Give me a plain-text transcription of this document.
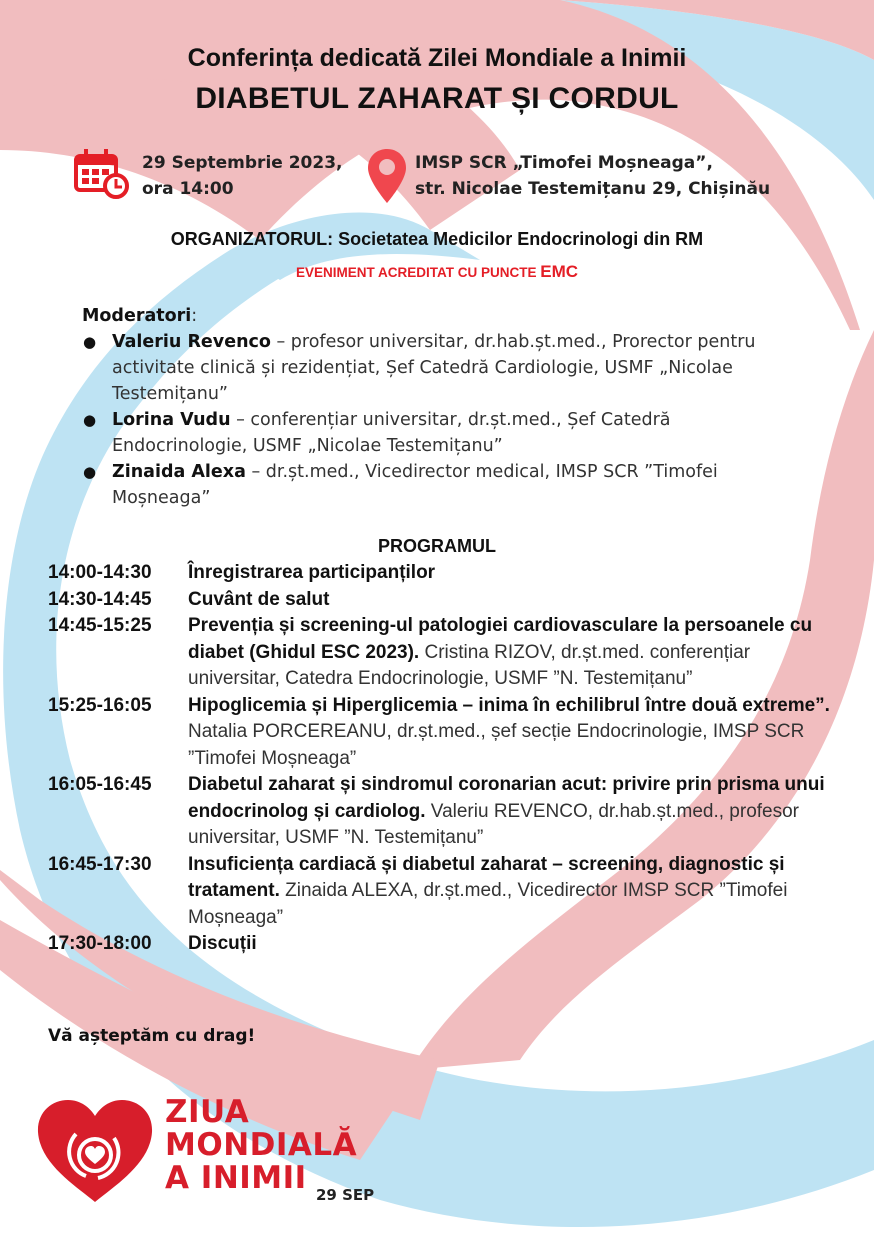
Conferința dedicată Zilei Mondiale a Inimii
DIABETUL ZAHARAT ȘI CORDUL
29 Septembrie 2023,
ora 14:00
IMSP SCR „Timofei Moșneaga”,
str. Nicolae Testemițanu 29, Chișinău
ORGANIZATORUL: Societatea Medicilor Endocrinologi din RM
EVENIMENT ACREDITAT CU PUNCTE EMC
Moderatori:
● Valeriu Revenco – profesor universitar, dr.hab.șt.med., Prorector pentru activitate clinică și rezidențiat, Șef Catedră Cardiologie, USMF „Nicolae Testemițanu”
● Lorina Vudu – conferențiar universitar, dr.șt.med., Șef Catedră Endocrinologie, USMF „Nicolae Testemițanu”
● Zinaida Alexa – dr.șt.med., Vicedirector medical, IMSP SCR ”Timofei Moșneaga”
PROGRAMUL
14:00-14:30	Înregistrarea participanților
14:30-14:45	Cuvânt de salut
14:45-15:25	Prevenția și screening-ul patologiei cardiovasculare la persoanele cu diabet (Ghidul ESC 2023). Cristina RIZOV, dr.șt.med. conferențiar universitar, Catedra Endocrinologie, USMF ”N. Testemițanu”
15:25-16:05	Hipoglicemia și Hiperglicemia – inima în echilibrul între două extreme”. Natalia PORCEREANU, dr.șt.med., șef secție Endocrinologie, IMSP SCR ”Timofei Moșneaga”
16:05-16:45	Diabetul zaharat și sindromul coronarian acut: privire prin prisma unui endocrinolog și cardiolog. Valeriu REVENCO, dr.hab.șt.med., profesor universitar, USMF ”N. Testemițanu”
16:45-17:30	Insuficiența cardiacă și diabetul zaharat – screening, diagnostic și tratament. Zinaida ALEXA, dr.șt.med., Vicedirector IMSP SCR ”Timofei Moșneaga”
17:30-18:00	Discuții
Vă așteptăm cu drag!
ZIUA
MONDIALĂ
A INIMII 29 SEP
